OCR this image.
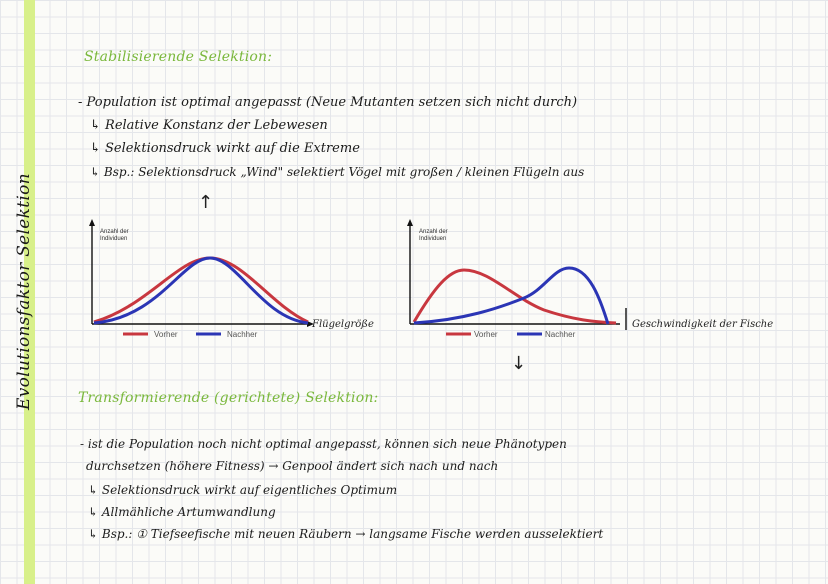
Evolutionsfaktor Selektion
Stabilisierende Selektion:
- Population ist optimal angepasst (Neue Mutanten setzen sich nicht durch)
↳ Relative Konstanz der Lebewesen
↳ Selektionsdruck wirkt auf die Extreme
↳ Bsp.: Selektionsdruck „Wind" selektiert Vögel mit großen / kleinen Flügeln aus
↑
Anzahl der
Individuen
Vorher	Nachher
Flügelgröße
Anzahl der
Individuen
Vorher	Nachher
Geschwindigkeit der Fische
↓
Transformierende (gerichtete) Selektion:
- ist die Population noch nicht optimal angepasst, können sich neue Phänotypen
durchsetzen (höhere Fitness) → Genpool ändert sich nach und nach
↳ Selektionsdruck wirkt auf eigentliches Optimum
↳ Allmähliche Artumwandlung
↳ Bsp.: ① Tiefseefische mit neuen Räubern → langsame Fische werden ausselektiert
